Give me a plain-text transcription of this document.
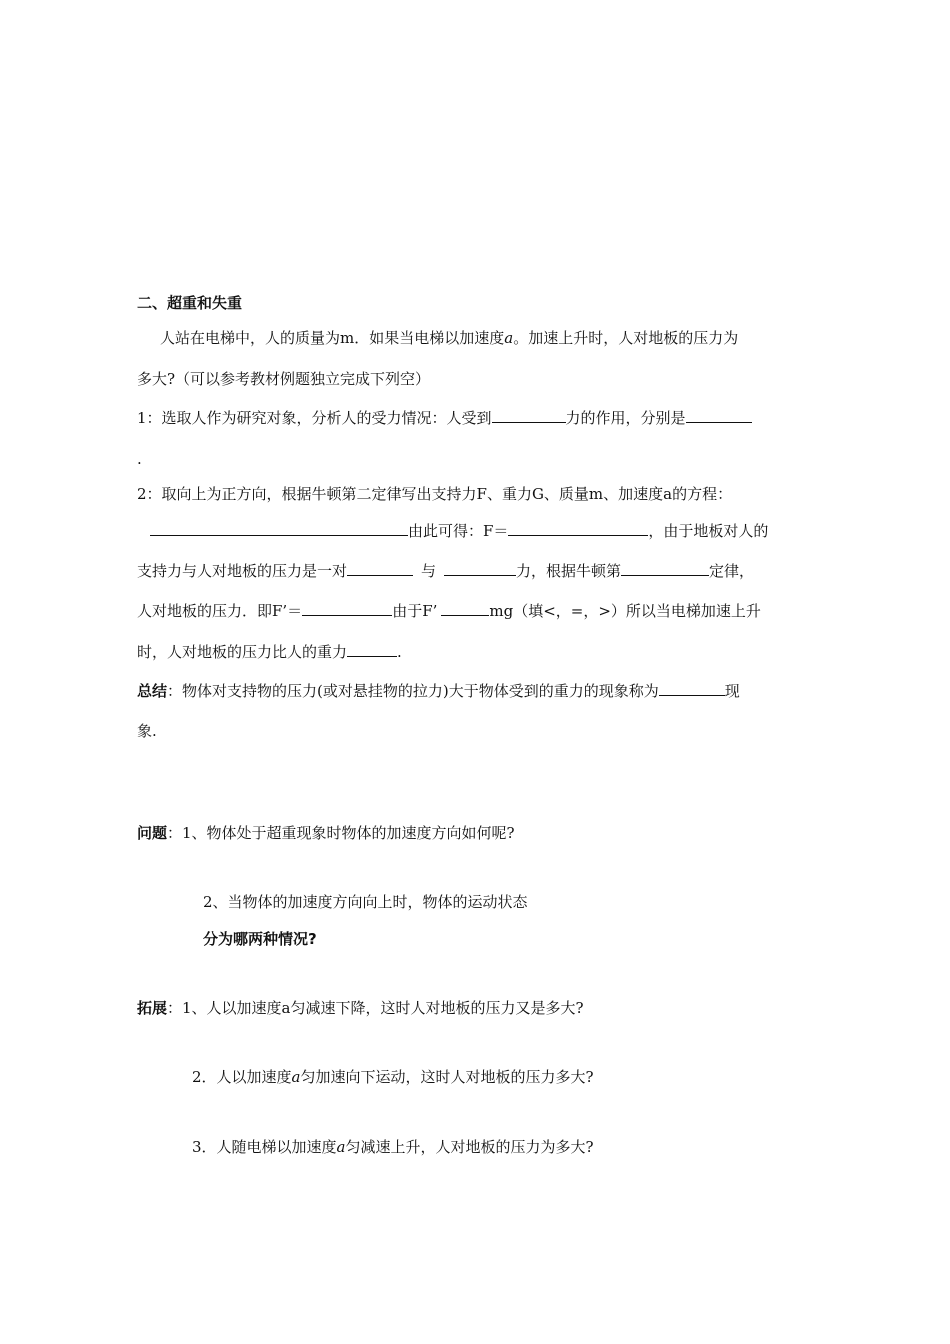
二、超重和失重
人站在电梯中，人的质量为m．如果当电梯以加速度a。加速上升时，人对地板的压力为
多大?（可以参考教材例题独立完成下列空）
1：选取人作为研究对象，分析人的受力情况：人受到	力的作用，分别是
.
2：取向上为正方向，根据牛顿第二定律写出支持力F、重力G、质量m、加速度a的方程：
由此可得：F＝	，由于地板对人的
支持力与人对地板的压力是一对	与	力，根据牛顿第	定律，
人对地板的压力．即F’＝	由于F’	mg（填<，=，>）所以当电梯加速上升
时，人对地板的压力比人的重力	.
总结：物体对支持物的压力(或对悬挂物的拉力)大于物体受到的重力的现象称为	现
象.
问题：1、物体处于超重现象时物体的加速度方向如何呢?
2、当物体的加速度方向向上时，物体的运动状态
分为哪两种情况?
拓展：1、人以加速度a匀减速下降，这时人对地板的压力又是多大?
2．人以加速度a匀加速向下运动，这时人对地板的压力多大?
3．人随电梯以加速度a匀减速上升，人对地板的压力为多大?
